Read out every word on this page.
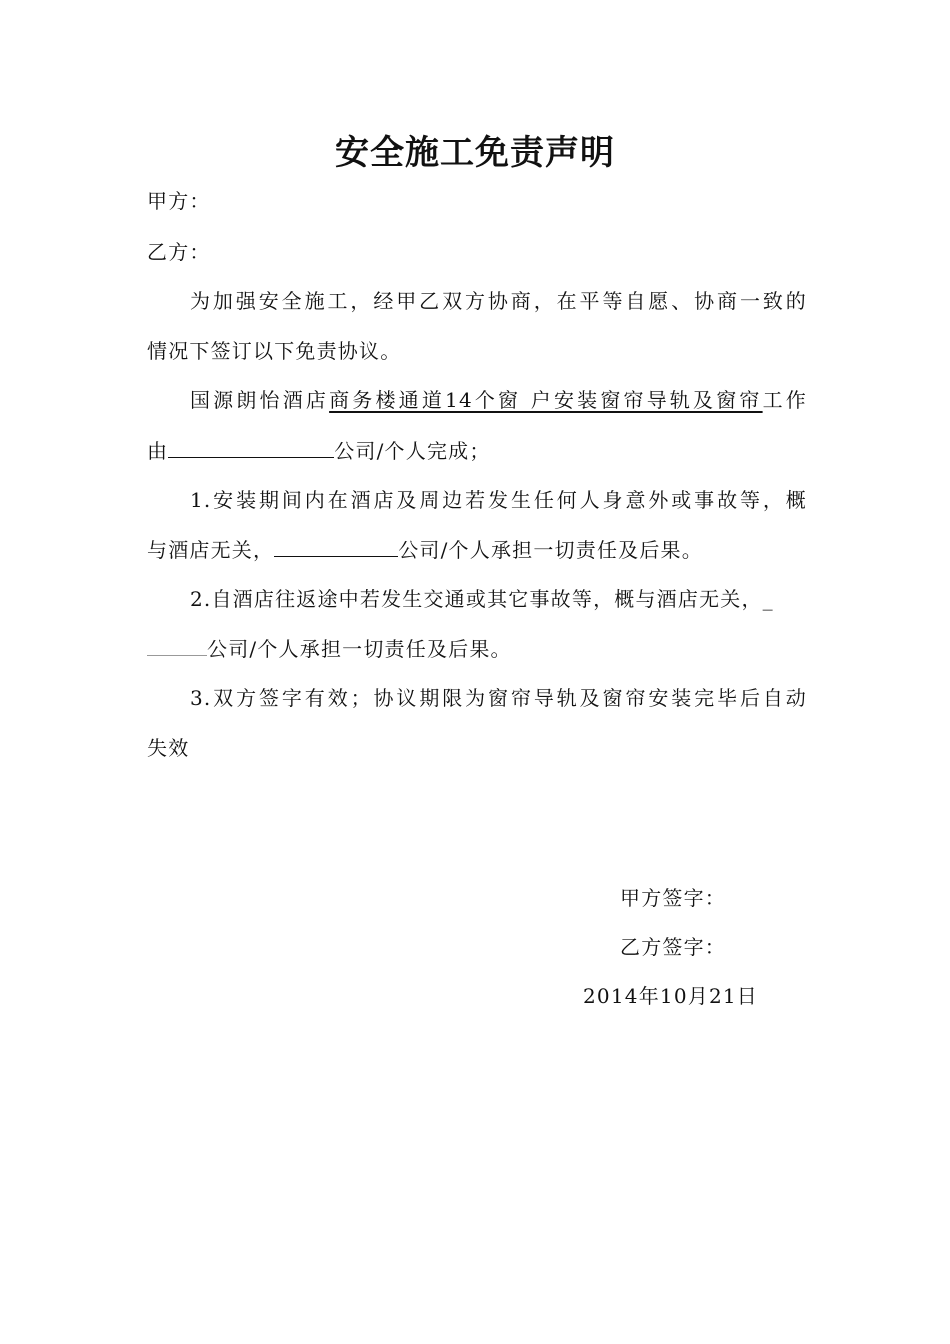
安全施工免责声明
甲方：
乙方：
为加强安全施工，经甲乙双方协商，在平等自愿、协商一致的
情况下签订以下免责协议。
国源朗怡酒店商务楼通道14个窗 户安装窗帘导轨及窗帘工作
由	公司/个人完成；
1.安装期间内在酒店及周边若发生任何人身意外或事故等，概
与酒店无关，	公司/个人承担一切责任及后果。
2.自酒店往返途中若发生交通或其它事故等，概与酒店无关，_
公司/个人承担一切责任及后果。
3.双方签字有效；协议期限为窗帘导轨及窗帘安装完毕后自动
失效
甲方签字：
乙方签字：
2014年10月21日
